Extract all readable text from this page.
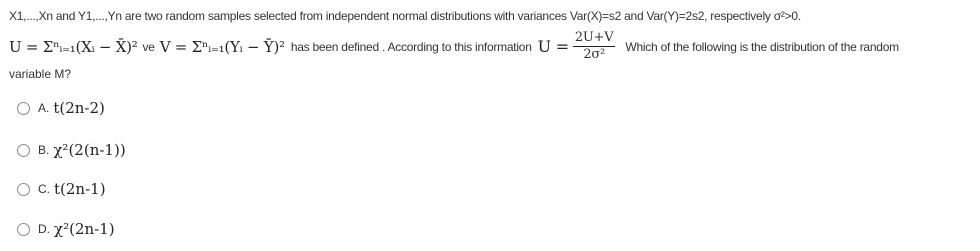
X1,...,Xn and Y1,...,Yn are two random samples selected from independent normal distributions with variances Var(X)=s2 and Var(Y)=2s2, respectively σ²>0.
U = Σⁿᵢ₌₁(Xᵢ − X̄)² ve V = Σⁿᵢ₌₁(Yᵢ − Ȳ)² has been defined . According to this information $U = \frac{2U+V}{\text{2σ²}}$ Which of the following is the distribution of the random
variable M?
A. t(2n-2)
B. χ²(2(n-1))
C. t(2n-1)
D. χ²(2n-1)
